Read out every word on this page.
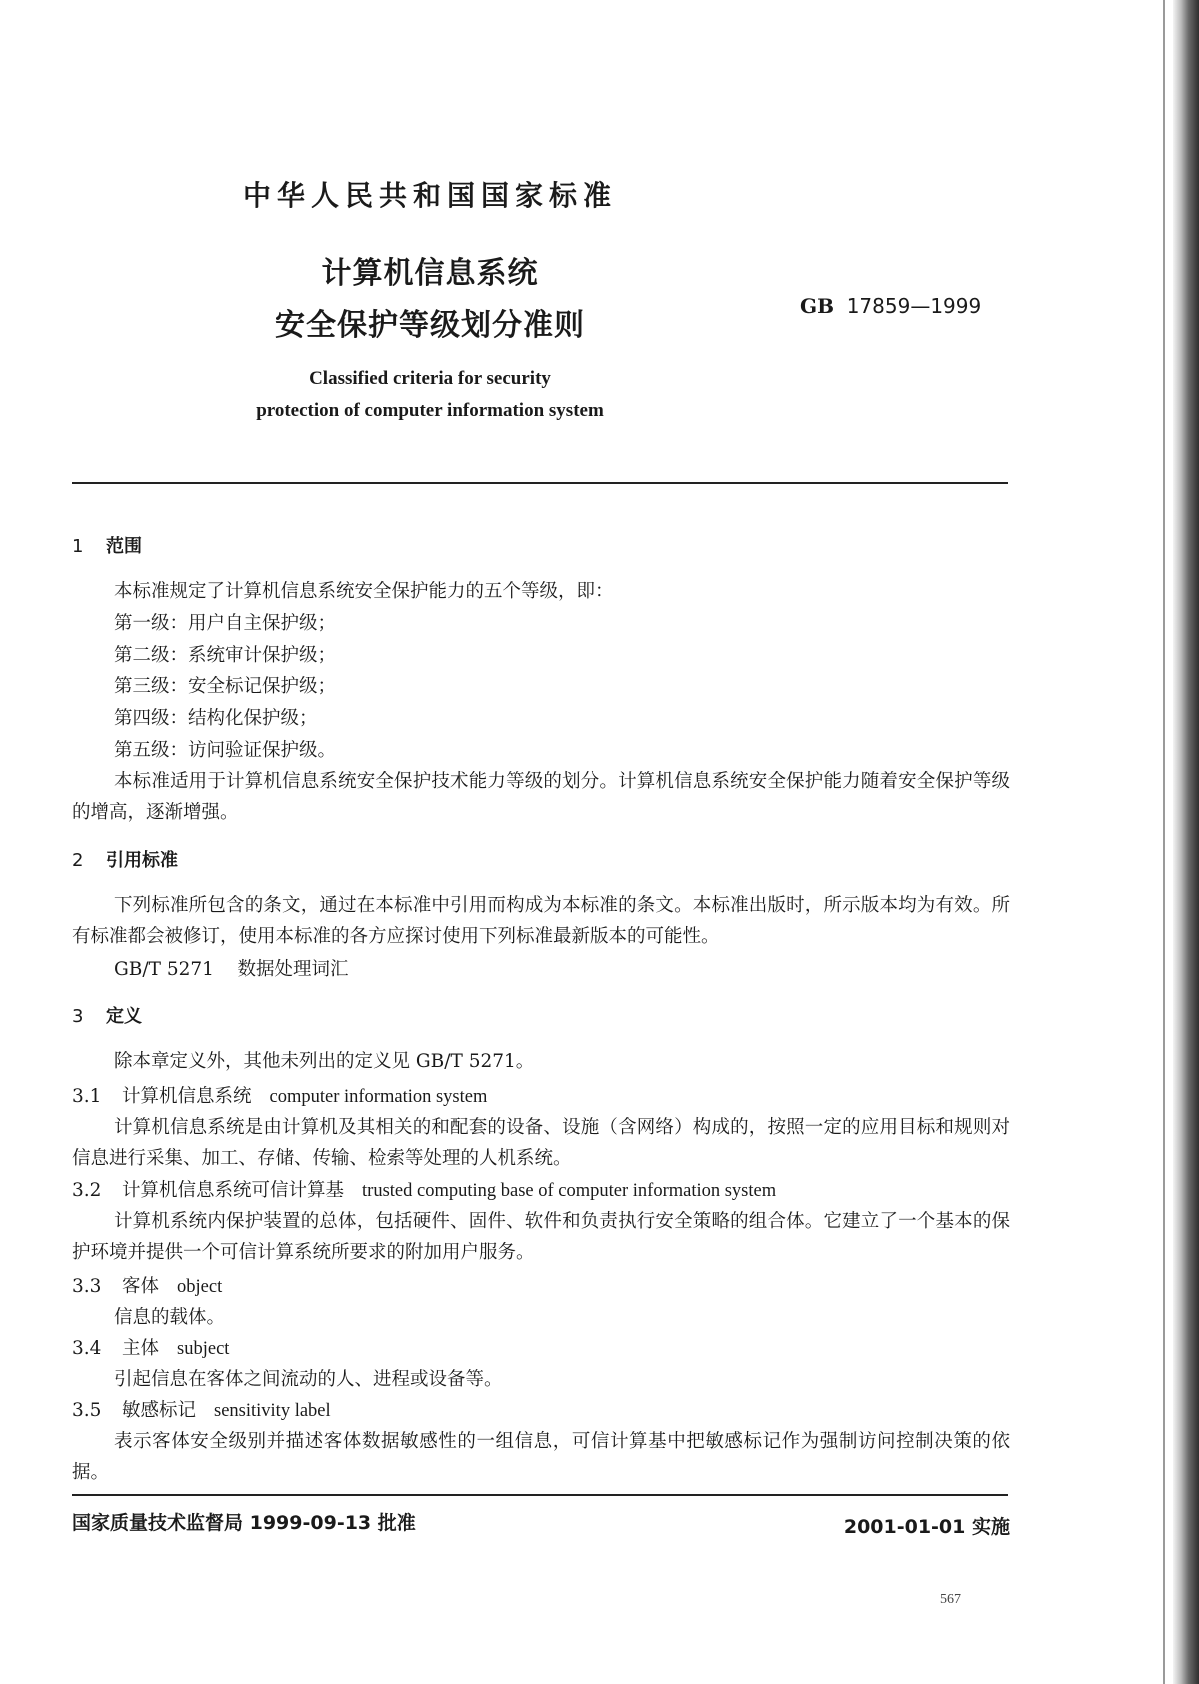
中华人民共和国国家标准
计算机信息系统
安全保护等级划分准则
GB 17859—1999
Classified criteria for security
protection of computer information system
1 范围
本标准规定了计算机信息系统安全保护能力的五个等级，即：
第一级：用户自主保护级；
第二级：系统审计保护级；
第三级：安全标记保护级；
第四级：结构化保护级；
第五级：访问验证保护级。
本标准适用于计算机信息系统安全保护技术能力等级的划分。计算机信息系统安全保护能力随着安全保护等级的增高，逐渐增强。
2 引用标准
下列标准所包含的条文，通过在本标准中引用而构成为本标准的条文。本标准出版时，所示版本均为有效。所有标准都会被修订，使用本标准的各方应探讨使用下列标准最新版本的可能性。
GB/T 5271 数据处理词汇
3 定义
除本章定义外，其他未列出的定义见 GB/T 5271。
3.1 计算机信息系统 computer information system
计算机信息系统是由计算机及其相关的和配套的设备、设施（含网络）构成的，按照一定的应用目标和规则对信息进行采集、加工、存储、传输、检索等处理的人机系统。
3.2 计算机信息系统可信计算基 trusted computing base of computer information system
计算机系统内保护装置的总体，包括硬件、固件、软件和负责执行安全策略的组合体。它建立了一个基本的保护环境并提供一个可信计算系统所要求的附加用户服务。
3.3 客体 object
信息的载体。
3.4 主体 subject
引起信息在客体之间流动的人、进程或设备等。
3.5 敏感标记 sensitivity label
表示客体安全级别并描述客体数据敏感性的一组信息，可信计算基中把敏感标记作为强制访问控制决策的依据。
国家质量技术监督局 1999-09-13 批准	2001-01-01 实施
567
